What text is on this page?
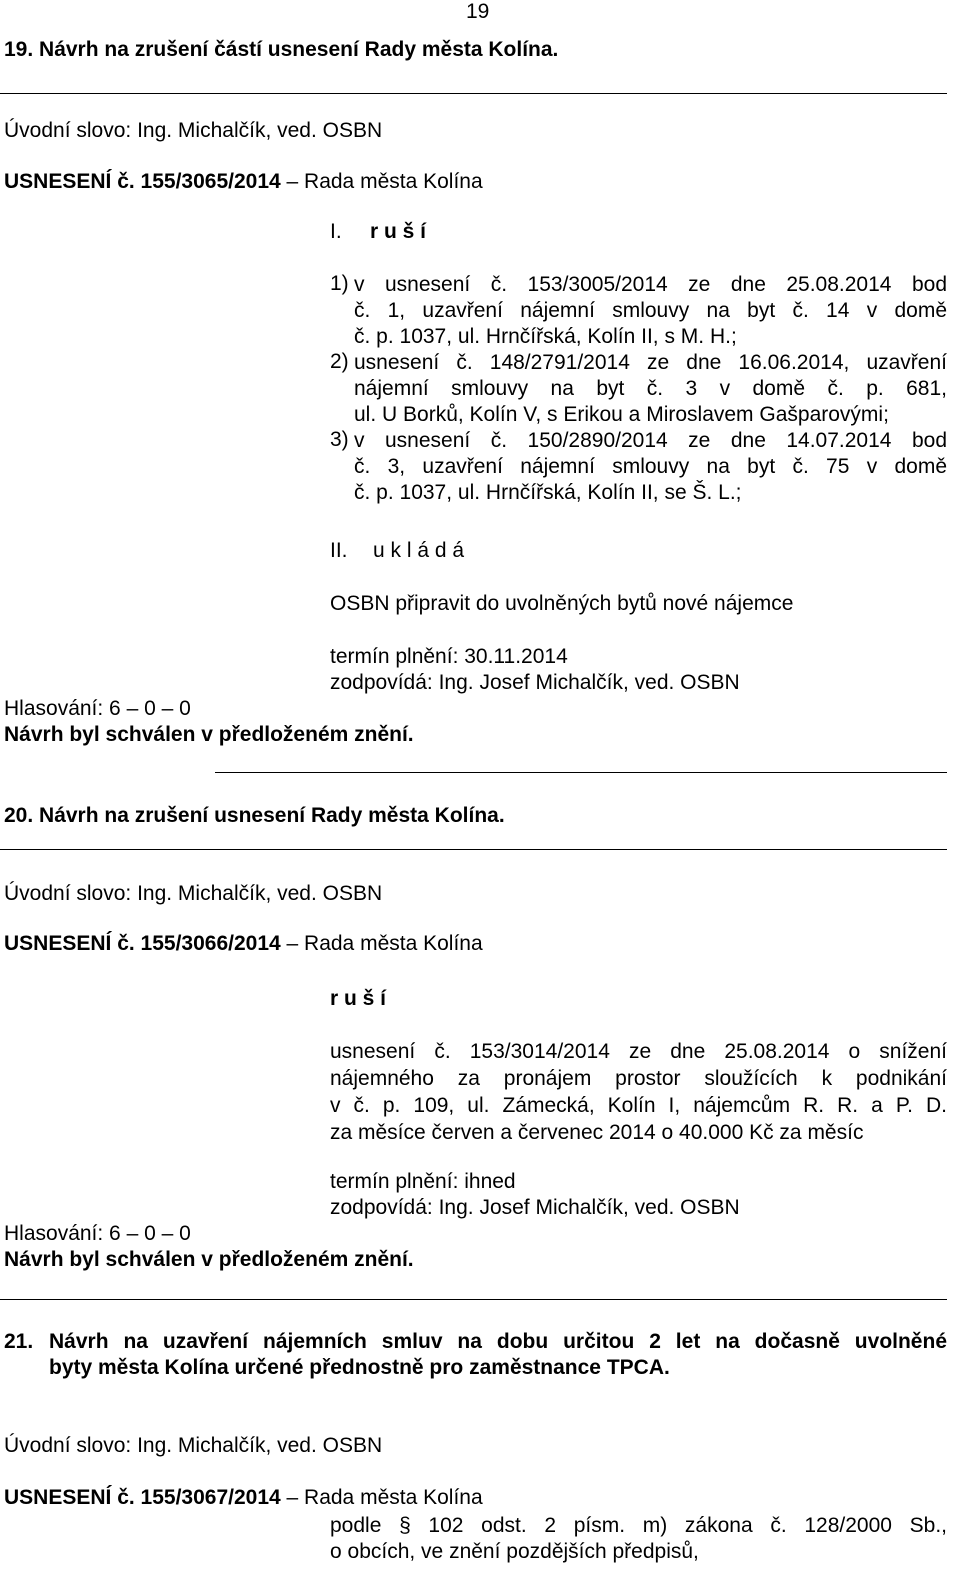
19
19. Návrh na zrušení částí usnesení Rady města Kolína.
Úvodní slovo: Ing. Michalčík, ved. OSBN
USNESENÍ č. 155/3065/2014 – Rada města Kolína
I. r u š í
1) v usnesení č. 153/3005/2014 ze dne 25.08.2014 bod
č. 1, uzavření nájemní smlouvy na byt č. 14 v domě
č. p. 1037, ul. Hrnčířská, Kolín II, s M. H.;
2) usnesení č. 148/2791/2014 ze dne 16.06.2014, uzavření
nájemní smlouvy na byt č. 3 v domě č. p. 681,
ul. U Borků, Kolín V, s Erikou a Miroslavem Gašparovými;
3) v usnesení č. 150/2890/2014 ze dne 14.07.2014 bod
č. 3, uzavření nájemní smlouvy na byt č. 75 v domě
č. p. 1037, ul. Hrnčířská, Kolín II, se Š. L.;
II. u k l á d á
OSBN připravit do uvolněných bytů nové nájemce
termín plnění: 30.11.2014
zodpovídá: Ing. Josef Michalčík, ved. OSBN
Hlasování: 6 – 0 – 0
Návrh byl schválen v předloženém znění.
20. Návrh na zrušení usnesení Rady města Kolína.
Úvodní slovo: Ing. Michalčík, ved. OSBN
USNESENÍ č. 155/3066/2014 – Rada města Kolína
r u š í
usnesení č. 153/3014/2014 ze dne 25.08.2014 o snížení
nájemného za pronájem prostor sloužících k podnikání
v č. p. 109, ul. Zámecká, Kolín I, nájemcům R. R. a P. D.
za měsíce červen a červenec 2014 o 40.000 Kč za měsíc
termín plnění: ihned
zodpovídá: Ing. Josef Michalčík, ved. OSBN
Hlasování: 6 – 0 – 0
Návrh byl schválen v předloženém znění.
21. Návrh na uzavření nájemních smluv na dobu určitou 2 let na dočasně uvolněné
byty města Kolína určené přednostně pro zaměstnance TPCA.
Úvodní slovo: Ing. Michalčík, ved. OSBN
USNESENÍ č. 155/3067/2014 – Rada města Kolína
podle § 102 odst. 2 písm. m) zákona č. 128/2000 Sb.,
o obcích, ve znění pozdějších předpisů,
